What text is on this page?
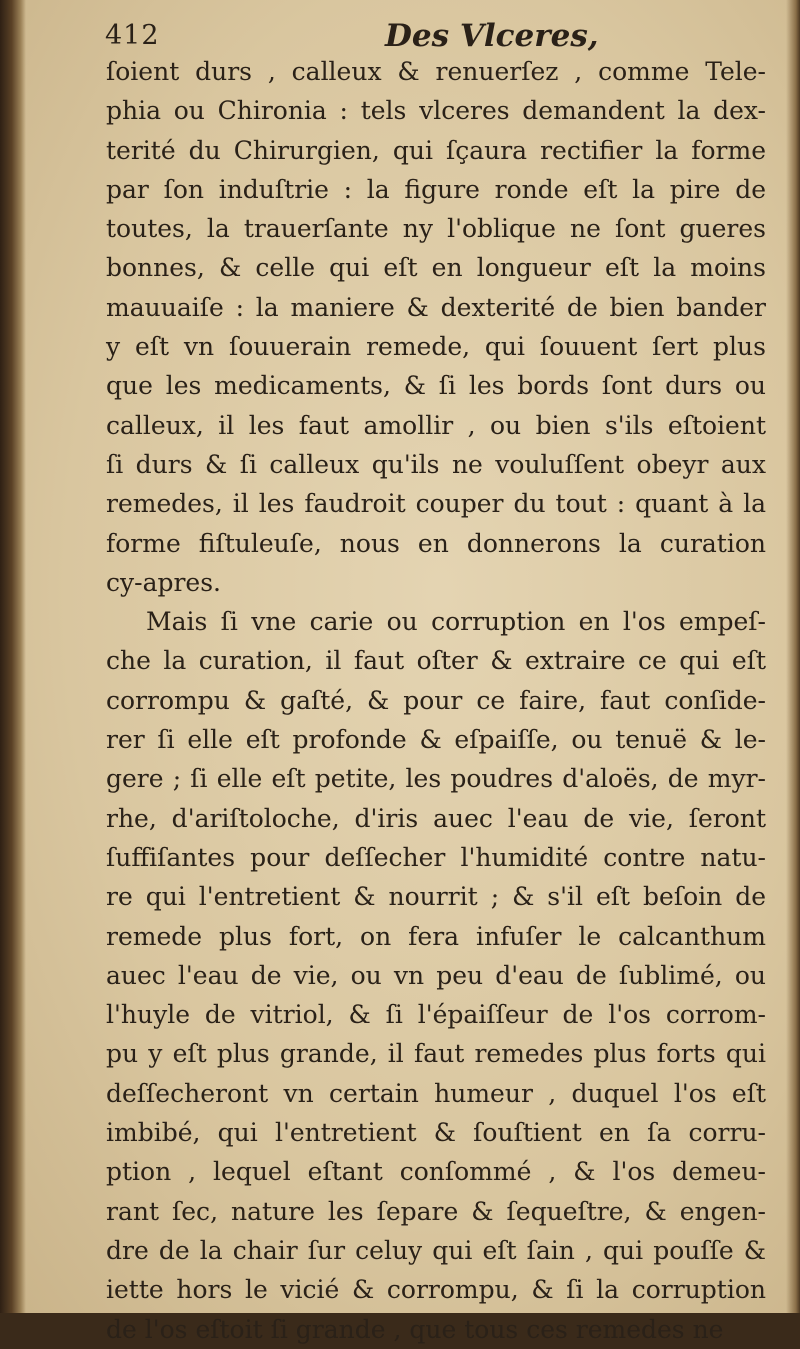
412	Des Vlceres,
ſoient durs , calleux & renuerſez , comme Tele-
phia ou Chironia : tels vlceres demandent la dex-
terité du Chirurgien, qui ſçaura rectifier la forme
par ſon induſtrie : la figure ronde eſt la pire de
toutes, la trauerſante ny l'oblique ne ſont gueres
bonnes, & celle qui eſt en longueur eſt la moins
mauuaiſe : la maniere & dexterité de bien bander
y eſt vn ſouuerain remede, qui ſouuent ſert plus
que les medicaments, & ſi les bords ſont durs ou
calleux, il les faut amollir , ou bien s'ils eſtoient
ſi durs & ſi calleux qu'ils ne vouluſſent obeyr aux
remedes, il les faudroit couper du tout : quant à la
forme fiſtuleuſe, nous en donnerons la curation
cy-apres.
Mais ſi vne carie ou corruption en l'os empeſ-
che la curation, il faut oſter & extraire ce qui eſt
corrompu & gaſté, & pour ce faire, faut conſide-
rer ſi elle eſt profonde & eſpaiſſe, ou tenuë & le-
gere ; ſi elle eſt petite, les poudres d'aloës, de myr-
rhe, d'ariſtoloche, d'iris auec l'eau de vie, ſeront
ſuffiſantes pour deſſecher l'humidité contre natu-
re qui l'entretient & nourrit ; & s'il eſt beſoin de
remede plus fort, on fera infuſer le calcanthum
auec l'eau de vie, ou vn peu d'eau de ſublimé, ou
l'huyle de vitriol, & ſi l'épaiſſeur de l'os corrom-
pu y eſt plus grande, il faut remedes plus forts qui
deſſecheront vn certain humeur , duquel l'os eſt
imbibé, qui l'entretient & ſouſtient en ſa corru-
ption , lequel eſtant conſommé , & l'os demeu-
rant ſec, nature les ſepare & ſequeſtre, & engen-
dre de la chair ſur celuy qui eſt ſain , qui pouſſe &
iette hors le vicié & corrompu, & ſi la corruption
de l'os eſtoit ſi grande , que tous ces remedes ne
